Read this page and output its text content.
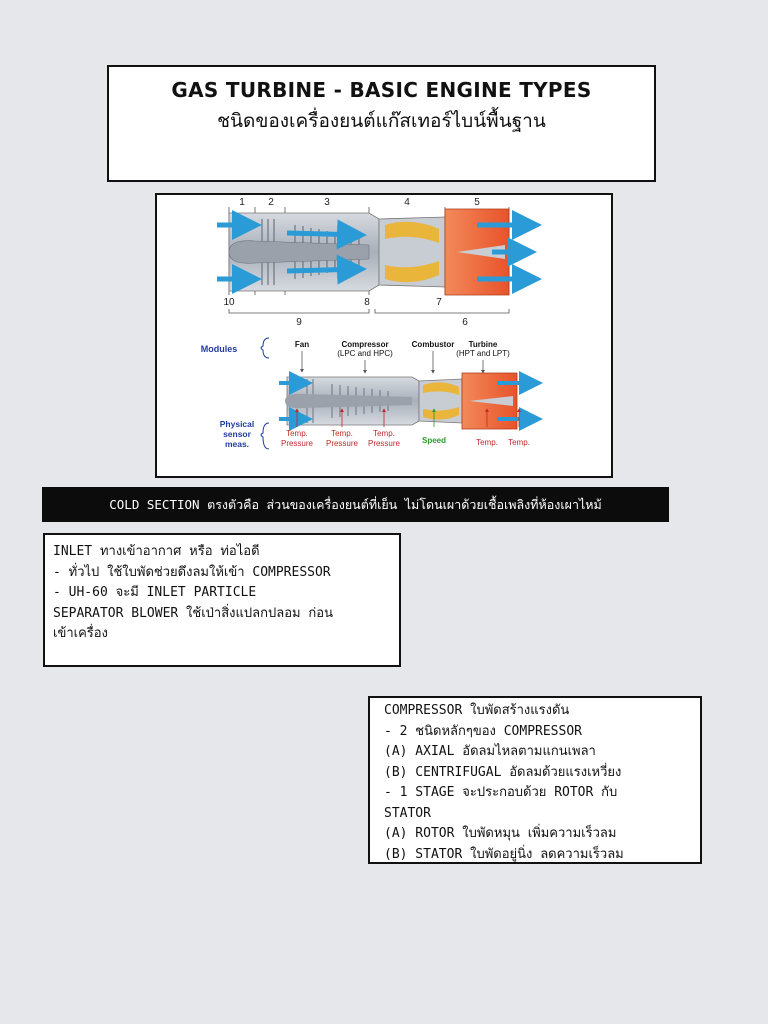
GAS TURBINE - BASIC ENGINE TYPES
ชนิดของเครื่องยนต์แก๊สเทอร์ไบน์พื้นฐาน
1 2	3	4	5
10	8	7
9	6
Modules	Fan	Compressor
(LPC and HPC)
Combustor Turbine
(HPT and LPT)
Physical
sensor
meas.
Temp.
Pressure
Temp.
Pressure
Temp.
Pressure	Speed	Temp. Temp.
COLD SECTION ตรงตัวคือ ส่วนของเครื่องยนต์ที่เย็น ไม่โดนเผาด้วยเชื้อเพลิงที่ห้องเผาไหม้
INLET ทางเข้าอากาศ หรือ ท่อไอดี
- ทั่วไป ใช้ใบพัดช่วยดึงลมให้เข้า COMPRESSOR
- UH-60 จะมี INLET PARTICLE
SEPARATOR BLOWER ใช้เป่าสิ่งแปลกปลอม ก่อน
เข้าเครื่อง
COMPRESSOR ใบพัดสร้างแรงดัน
- 2 ชนิดหลักๆของ COMPRESSOR
(A) AXIAL อัดลมไหลตามแกนเพลา
(B) CENTRIFUGAL อัดลมด้วยแรงเหวี่ยง
- 1 STAGE จะประกอบด้วย ROTOR กับ
STATOR
(A) ROTOR ใบพัดหมุน เพิ่มความเร็วลม
(B) STATOR ใบพัดอยู่นิ่ง ลดความเร็วลม
